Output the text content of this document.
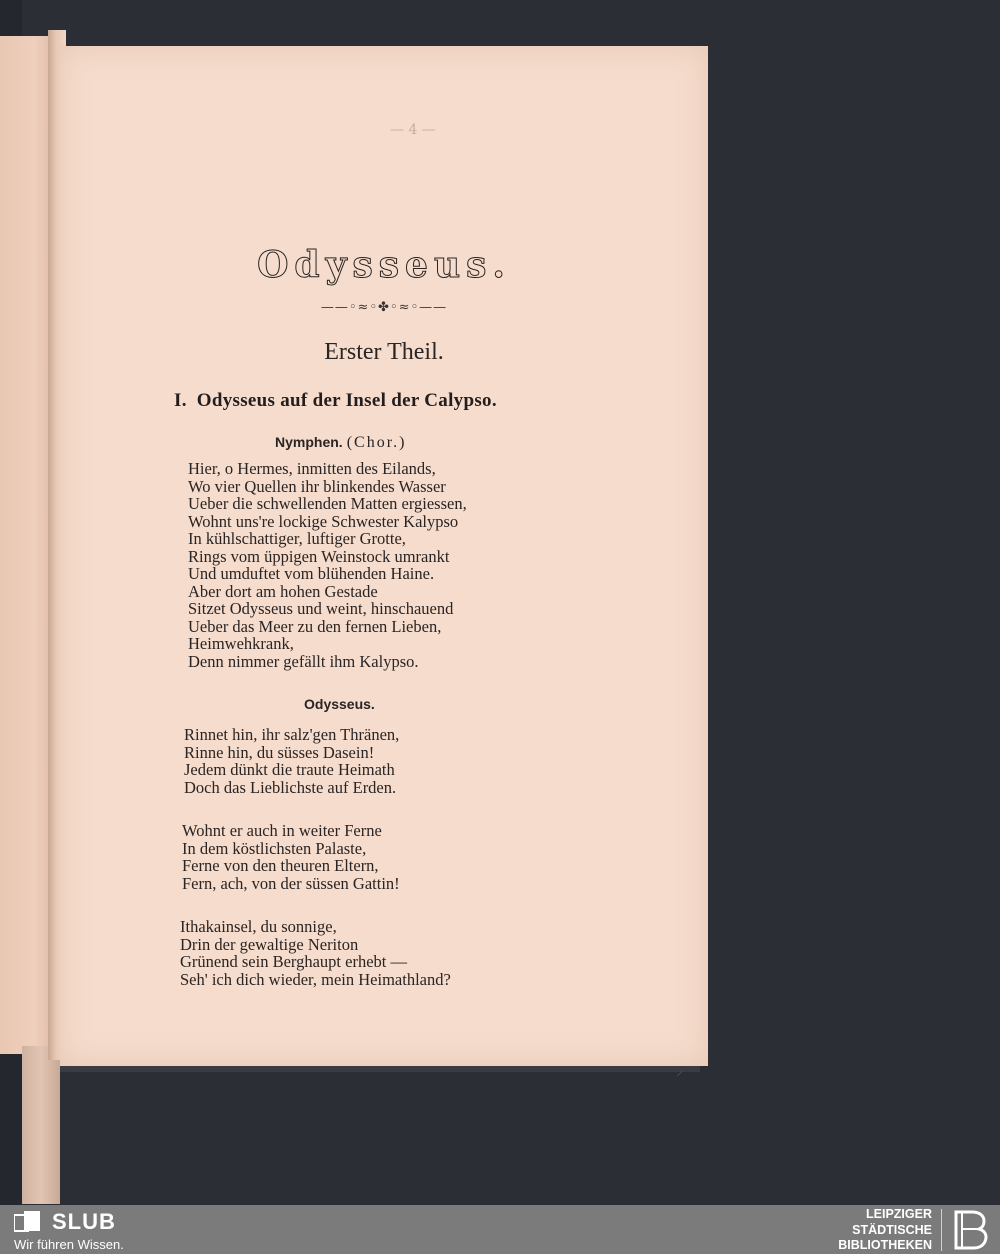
— 4 —
Odysseus.
——◦≈◦✤◦≈◦——
Erster Theil.
I. Odysseus auf der Insel der Calypso.
Nymphen. (Chor.)
Hier, o Hermes, inmitten des Eilands,
Wo vier Quellen ihr blinkendes Wasser
Ueber die schwellenden Matten ergiessen,
Wohnt uns're lockige Schwester Kalypso
In kühlschattiger, luftiger Grotte,
Rings vom üppigen Weinstock umrankt
Und umduftet vom blühenden Haine.
Aber dort am hohen Gestade
Sitzet Odysseus und weint, hinschauend
Ueber das Meer zu den fernen Lieben,
Heimwehkrank,
Denn nimmer gefällt ihm Kalypso.
Odysseus.
Rinnet hin, ihr salz'gen Thränen,
Rinne hin, du süsses Dasein!
Jedem dünkt die traute Heimath
Doch das Lieblichste auf Erden.
Wohnt er auch in weiter Ferne
In dem köstlichsten Palaste,
Ferne von den theuren Eltern,
Fern, ach, von der süssen Gattin!
Ithakainsel, du sonnige,
Drin der gewaltige Neriton
Grünend sein Berghaupt erhebt —
Seh' ich dich wieder, mein Heimathland?
⸝
SLUB
Wir führen Wissen.
LEIPZIGER
STÄDTISCHE
BIBLIOTHEKEN
